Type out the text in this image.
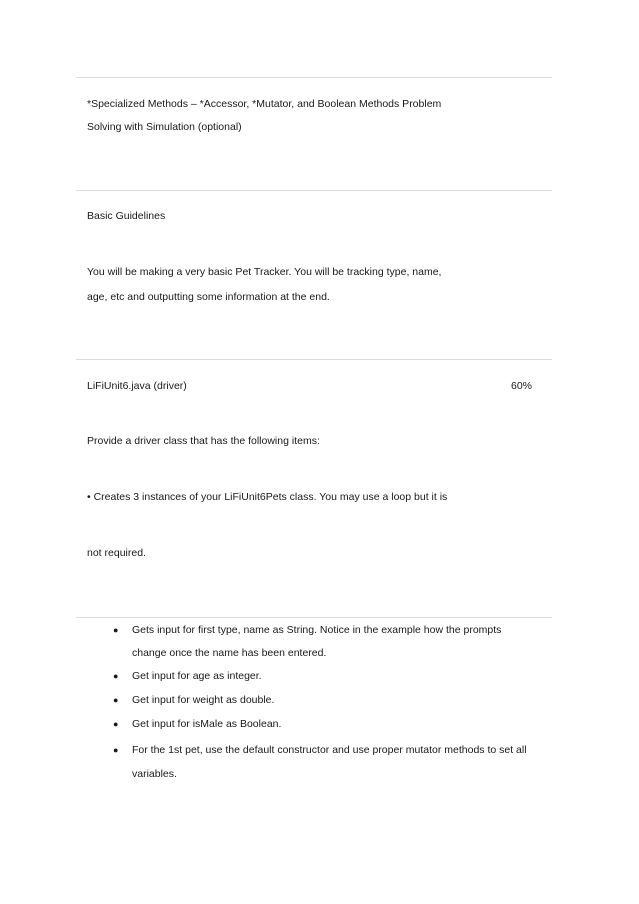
*Specialized Methods – *Accessor, *Mutator, and Boolean Methods Problem
Solving with Simulation (optional)
Basic Guidelines
You will be making a very basic Pet Tracker. You will be tracking type, name,
age, etc and outputting some information at the end.
LiFiUnit6.java (driver)	60%
Provide a driver class that has the following items:
• Creates 3 instances of your LiFiUnit6Pets class. You may use a loop but it is
not required.
● Gets input for first type, name as String. Notice in the example how the prompts
change once the name has been entered.
● Get input for age as integer.
● Get input for weight as double.
● Get input for isMale as Boolean.
● For the 1st pet, use the default constructor and use proper mutator methods to set all
variables.
